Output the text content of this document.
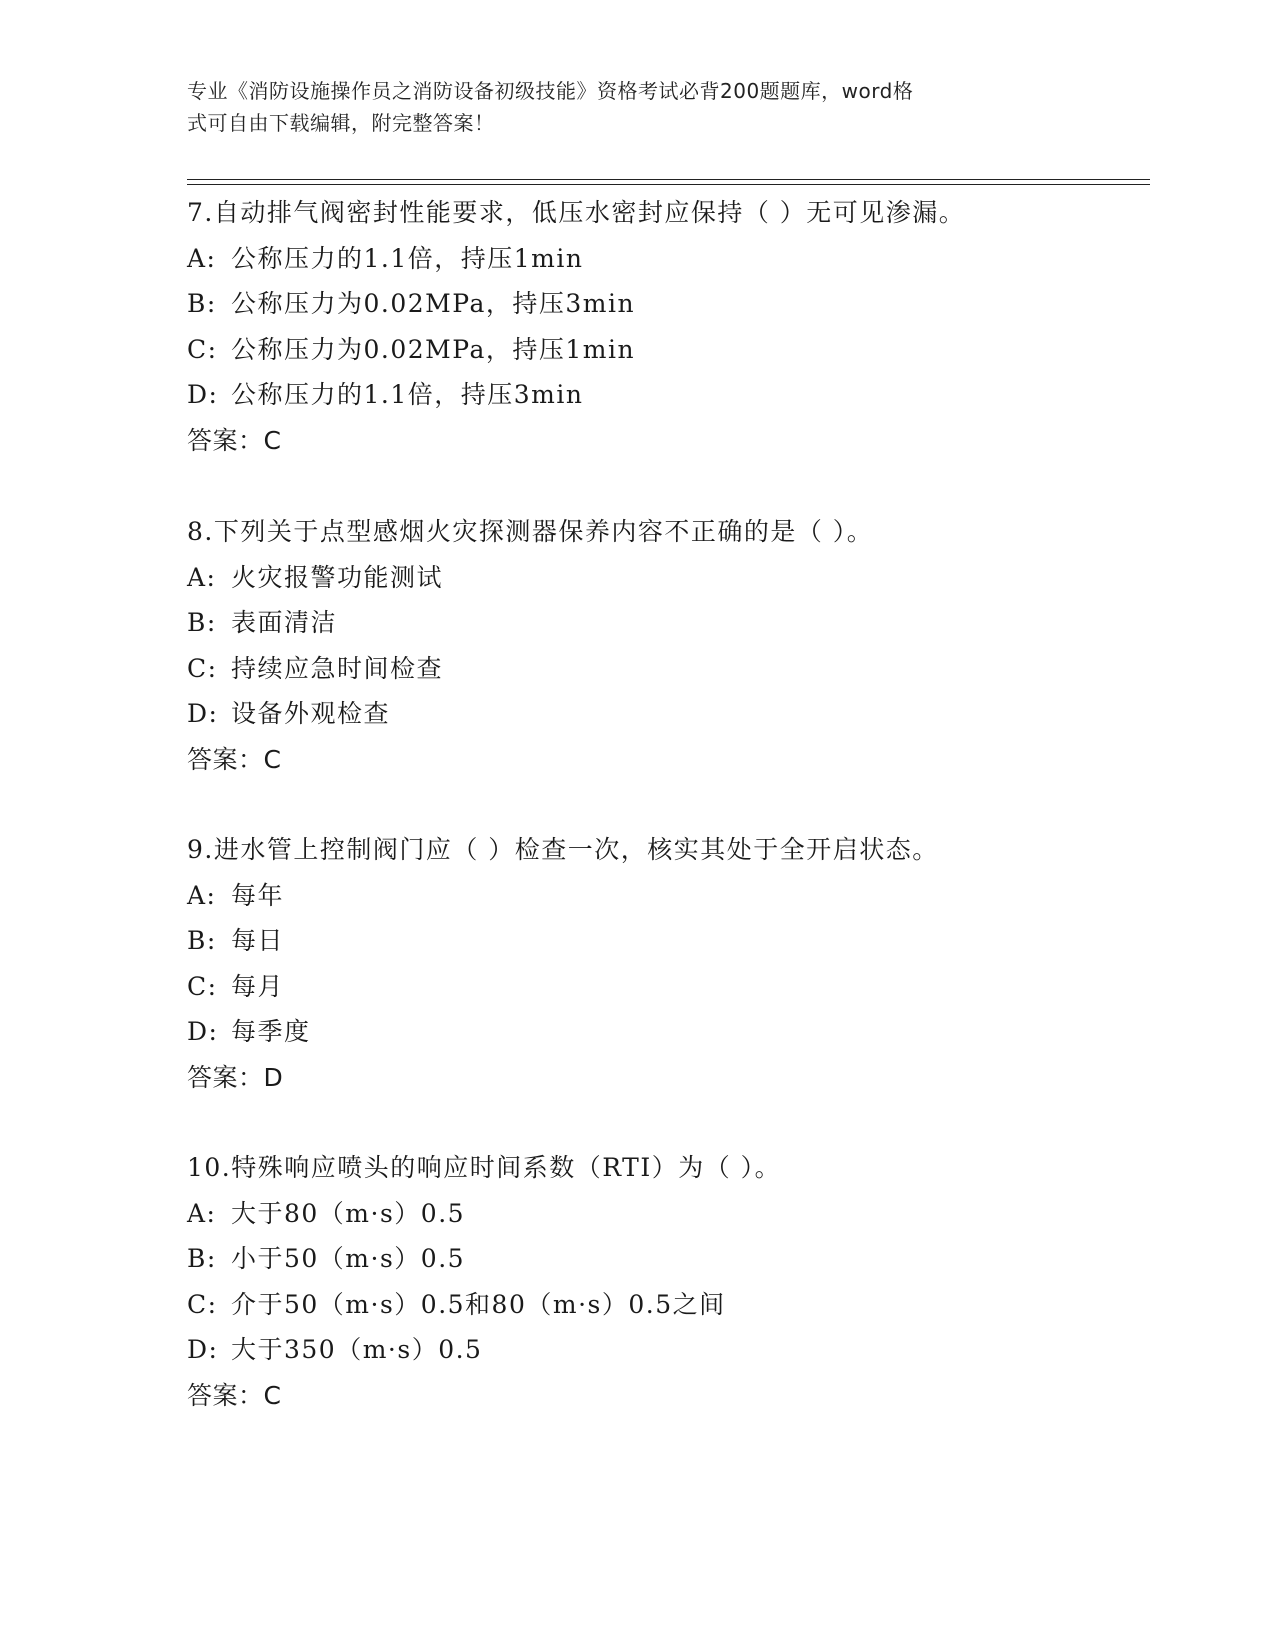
专业《消防设施操作员之消防设备初级技能》资格考试必背200题题库，word格
式可自由下载编辑，附完整答案！
7.自动排气阀密封性能要求，低压水密封应保持（ ）无可见渗漏。
A: 公称压力的1.1倍，持压1min
B: 公称压力为0.02MPa，持压3min
C: 公称压力为0.02MPa，持压1min
D: 公称压力的1.1倍，持压3min
答案：C
8.下列关于点型感烟火灾探测器保养内容不正确的是（ ）。
A: 火灾报警功能测试
B: 表面清洁
C: 持续应急时间检查
D: 设备外观检查
答案：C
9.进水管上控制阀门应（ ）检查一次，核实其处于全开启状态。
A: 每年
B: 每日
C: 每月
D: 每季度
答案：D
10.特殊响应喷头的响应时间系数（RTI）为（ ）。
A: 大于80（m·s）0.5
B: 小于50（m·s）0.5
C: 介于50（m·s）0.5和80（m·s）0.5之间
D: 大于350（m·s）0.5
答案：C
